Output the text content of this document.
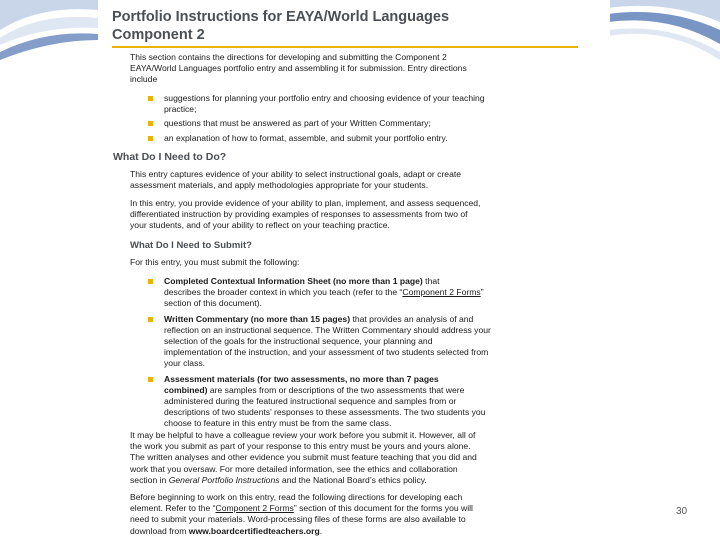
Portfolio Instructions for EAYA/World Languages
Component 2
This section contains the directions for developing and submitting the Component 2
EAYA/World Languages portfolio entry and assembling it for submission. Entry directions
include
suggestions for planning your portfolio entry and choosing evidence of your teaching
practice;
questions that must be answered as part of your Written Commentary;
an explanation of how to format, assemble, and submit your portfolio entry.
What Do I Need to Do?
This entry captures evidence of your ability to select instructional goals, adapt or create
assessment materials, and apply methodologies appropriate for your students.
In this entry, you provide evidence of your ability to plan, implement, and assess sequenced,
differentiated instruction by providing examples of responses to assessments from two of
your students, and of your ability to reflect on your teaching practice.
What Do I Need to Submit?
For this entry, you must submit the following:
Completed Contextual Information Sheet (no more than 1 page) that
describes the broader context in which you teach (refer to the “Component 2 Forms”
section of this document).
Written Commentary (no more than 15 pages) that provides an analysis of and
reflection on an instructional sequence. The Written Commentary should address your
selection of the goals for the instructional sequence, your planning and
implementation of the instruction, and your assessment of two students selected from
your class.
Assessment materials (for two assessments, no more than 7 pages
combined) are samples from or descriptions of the two assessments that were
administered during the featured instructional sequence and samples from or
descriptions of two students’ responses to these assessments. The two students you
choose to feature in this entry must be from the same class.
It may be helpful to have a colleague review your work before you submit it. However, all of
the work you submit as part of your response to this entry must be yours and yours alone.
The written analyses and other evidence you submit must feature teaching that you did and
work that you oversaw. For more detailed information, see the ethics and collaboration
section in General Portfolio Instructions and the National Board’s ethics policy.
Before beginning to work on this entry, read the following directions for developing each
element. Refer to the “Component 2 Forms” section of this document for the forms you will
need to submit your materials. Word-processing files of these forms are also available to
download from www.boardcertifiedteachers.org.
30
